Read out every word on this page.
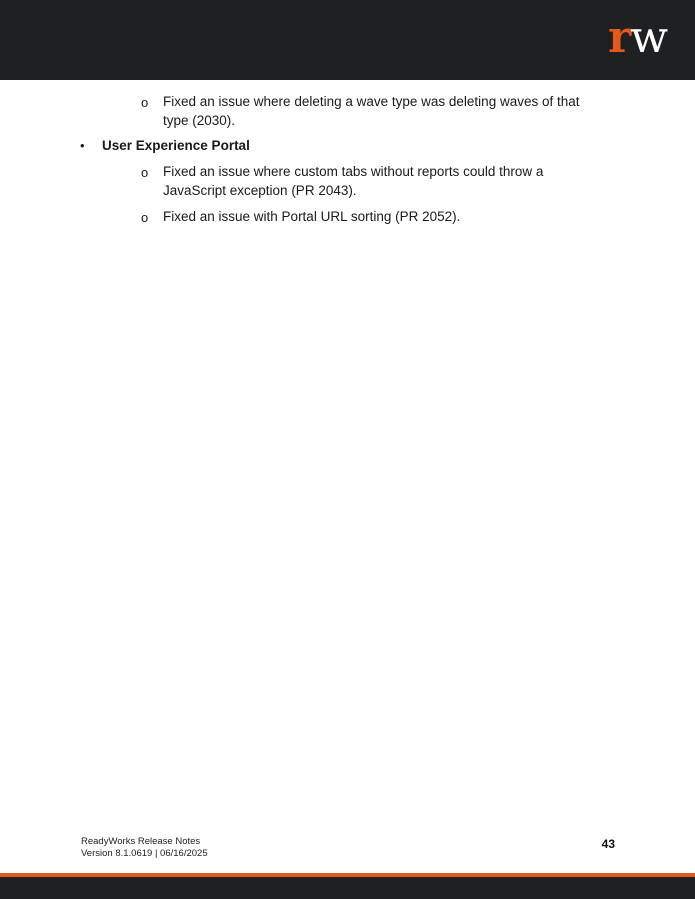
rw
o Fixed an issue where deleting a wave type was deleting waves of that
type (2030).
• User Experience Portal
o Fixed an issue where custom tabs without reports could throw a
JavaScript exception (PR 2043).
o Fixed an issue with Portal URL sorting (PR 2052).
ReadyWorks Release Notes
Version 8.1.0619 | 06/16/2025
43
